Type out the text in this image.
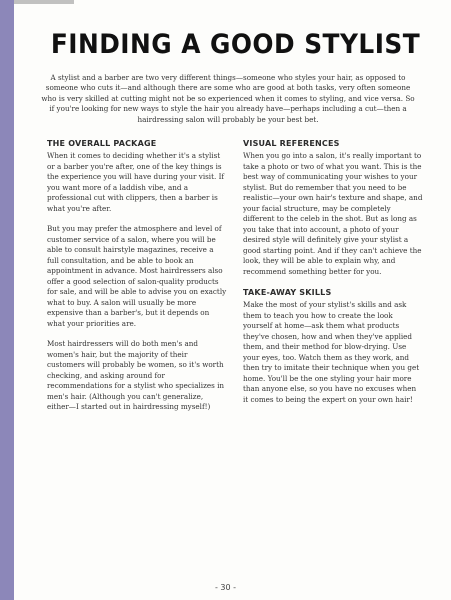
FINDING A GOOD STYLIST

A stylist and a barber are two very different things—someone who styles your hair, as opposed to someone who cuts it—and although there are some who are good at both tasks, very often someone who is very skilled at cutting might not be so experienced when it comes to styling, and vice versa. So if you're looking for new ways to style the hair you already have—perhaps including a cut—then a hairdressing salon will probably be your best bet.

THE OVERALL PACKAGE

When it comes to deciding whether it's a stylist or a barber you're after, one of the key things is the experience you will have during your visit. If you want more of a laddish vibe, and a professional cut with clippers, then a barber is what you're after.

But you may prefer the atmosphere and level of customer service of a salon, where you will be able to consult hairstyle magazines, receive a full consultation, and be able to book an appointment in advance. Most hairdressers also offer a good selection of salon-quality products for sale, and will be able to advise you on exactly what to buy. A salon will usually be more expensive than a barber's, but it depends on what your priorities are.

Most hairdressers will do both men's and women's hair, but the majority of their customers will probably be women, so it's worth checking, and asking around for recommendations for a stylist who specializes in men's hair. (Although you can't generalize, either—I started out in hairdressing myself!)

VISUAL REFERENCES

When you go into a salon, it's really important to take a photo or two of what you want. This is the best way of communicating your wishes to your stylist. But do remember that you need to be realistic—your own hair's texture and shape, and your facial structure, may be completely different to the celeb in the shot. But as long as you take that into account, a photo of your desired style will definitely give your stylist a good starting point. And if they can't achieve the look, they will be able to explain why, and recommend something better for you.

TAKE-AWAY SKILLS

Make the most of your stylist's skills and ask them to teach you how to create the look yourself at home—ask them what products they've chosen, how and when they've applied them, and their method for blow-drying. Use your eyes, too. Watch them as they work, and then try to imitate their technique when you get home. You'll be the one styling your hair more than anyone else, so you have no excuses when it comes to being the expert on your own hair!

- 30 -
